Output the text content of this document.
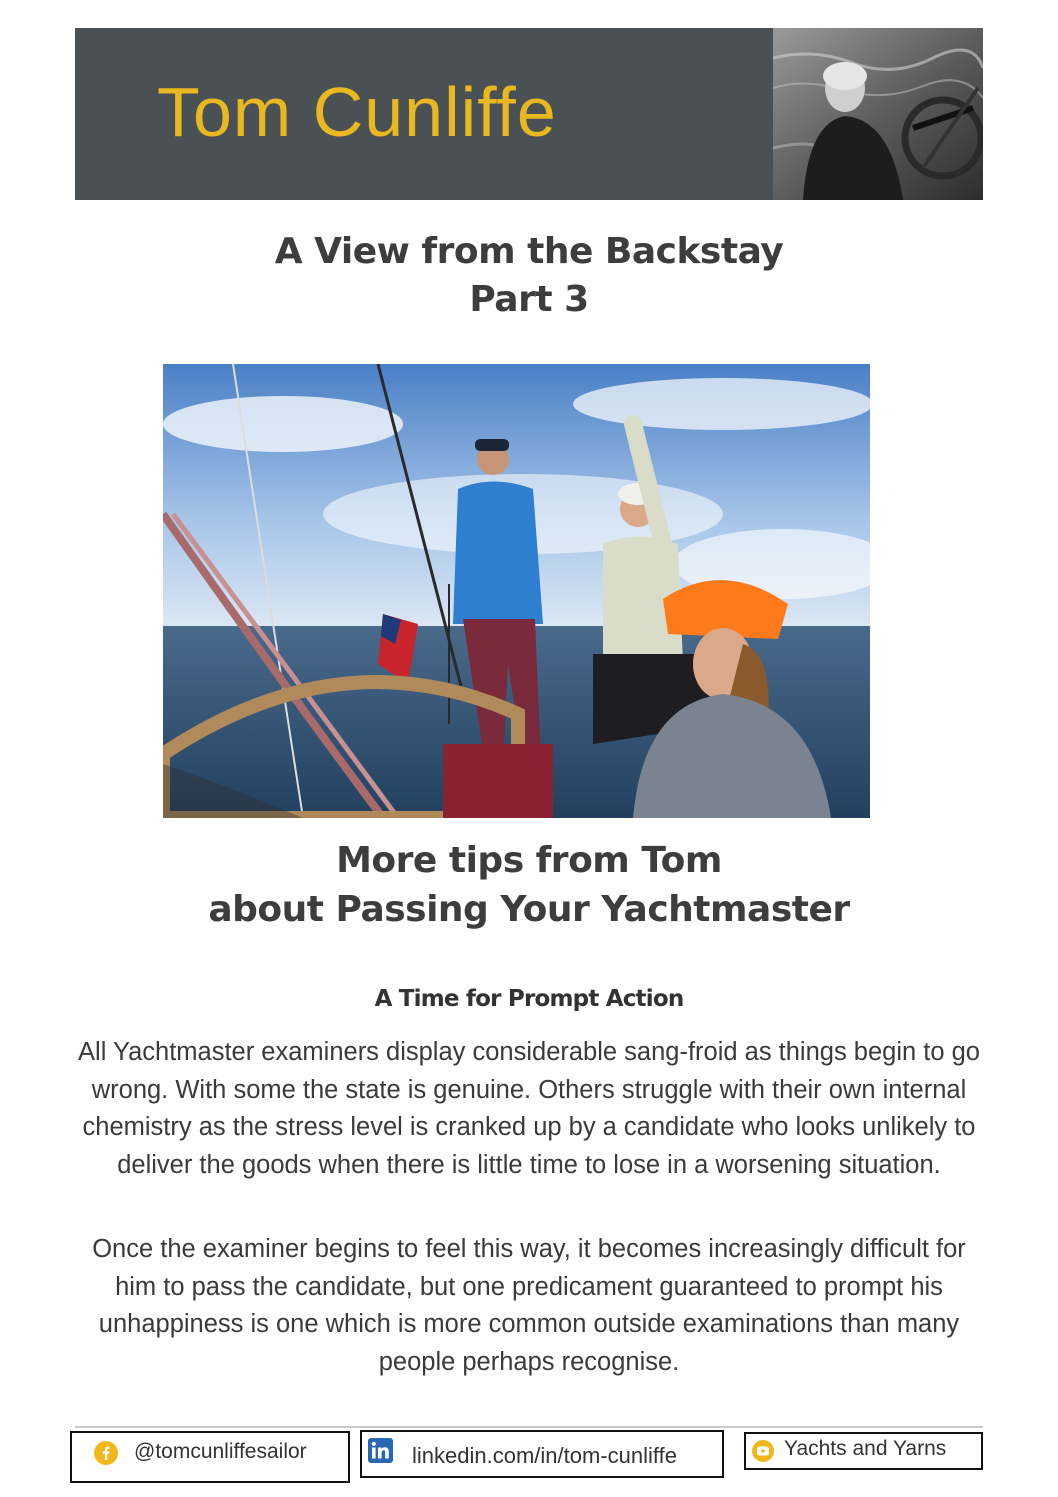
Tom Cunliffe
A View from the Backstay
Part 3
More tips from Tom
about Passing Your Yachtmaster
A Time for Prompt Action

All Yachtmaster examiners display considerable sang-froid as things begin to go wrong. With some the state is genuine. Others struggle with their own internal chemistry as the stress level is cranked up by a candidate who looks unlikely to deliver the goods when there is little time to lose in a worsening situation.

Once the examiner begins to feel this way, it becomes increasingly difficult for him to pass the candidate, but one predicament guaranteed to prompt his unhappiness is one which is more common outside examinations than many people perhaps recognise.

@tomcunliffesailor	linkedin.com/in/tom-cunliffe	Yachts and Yarns
